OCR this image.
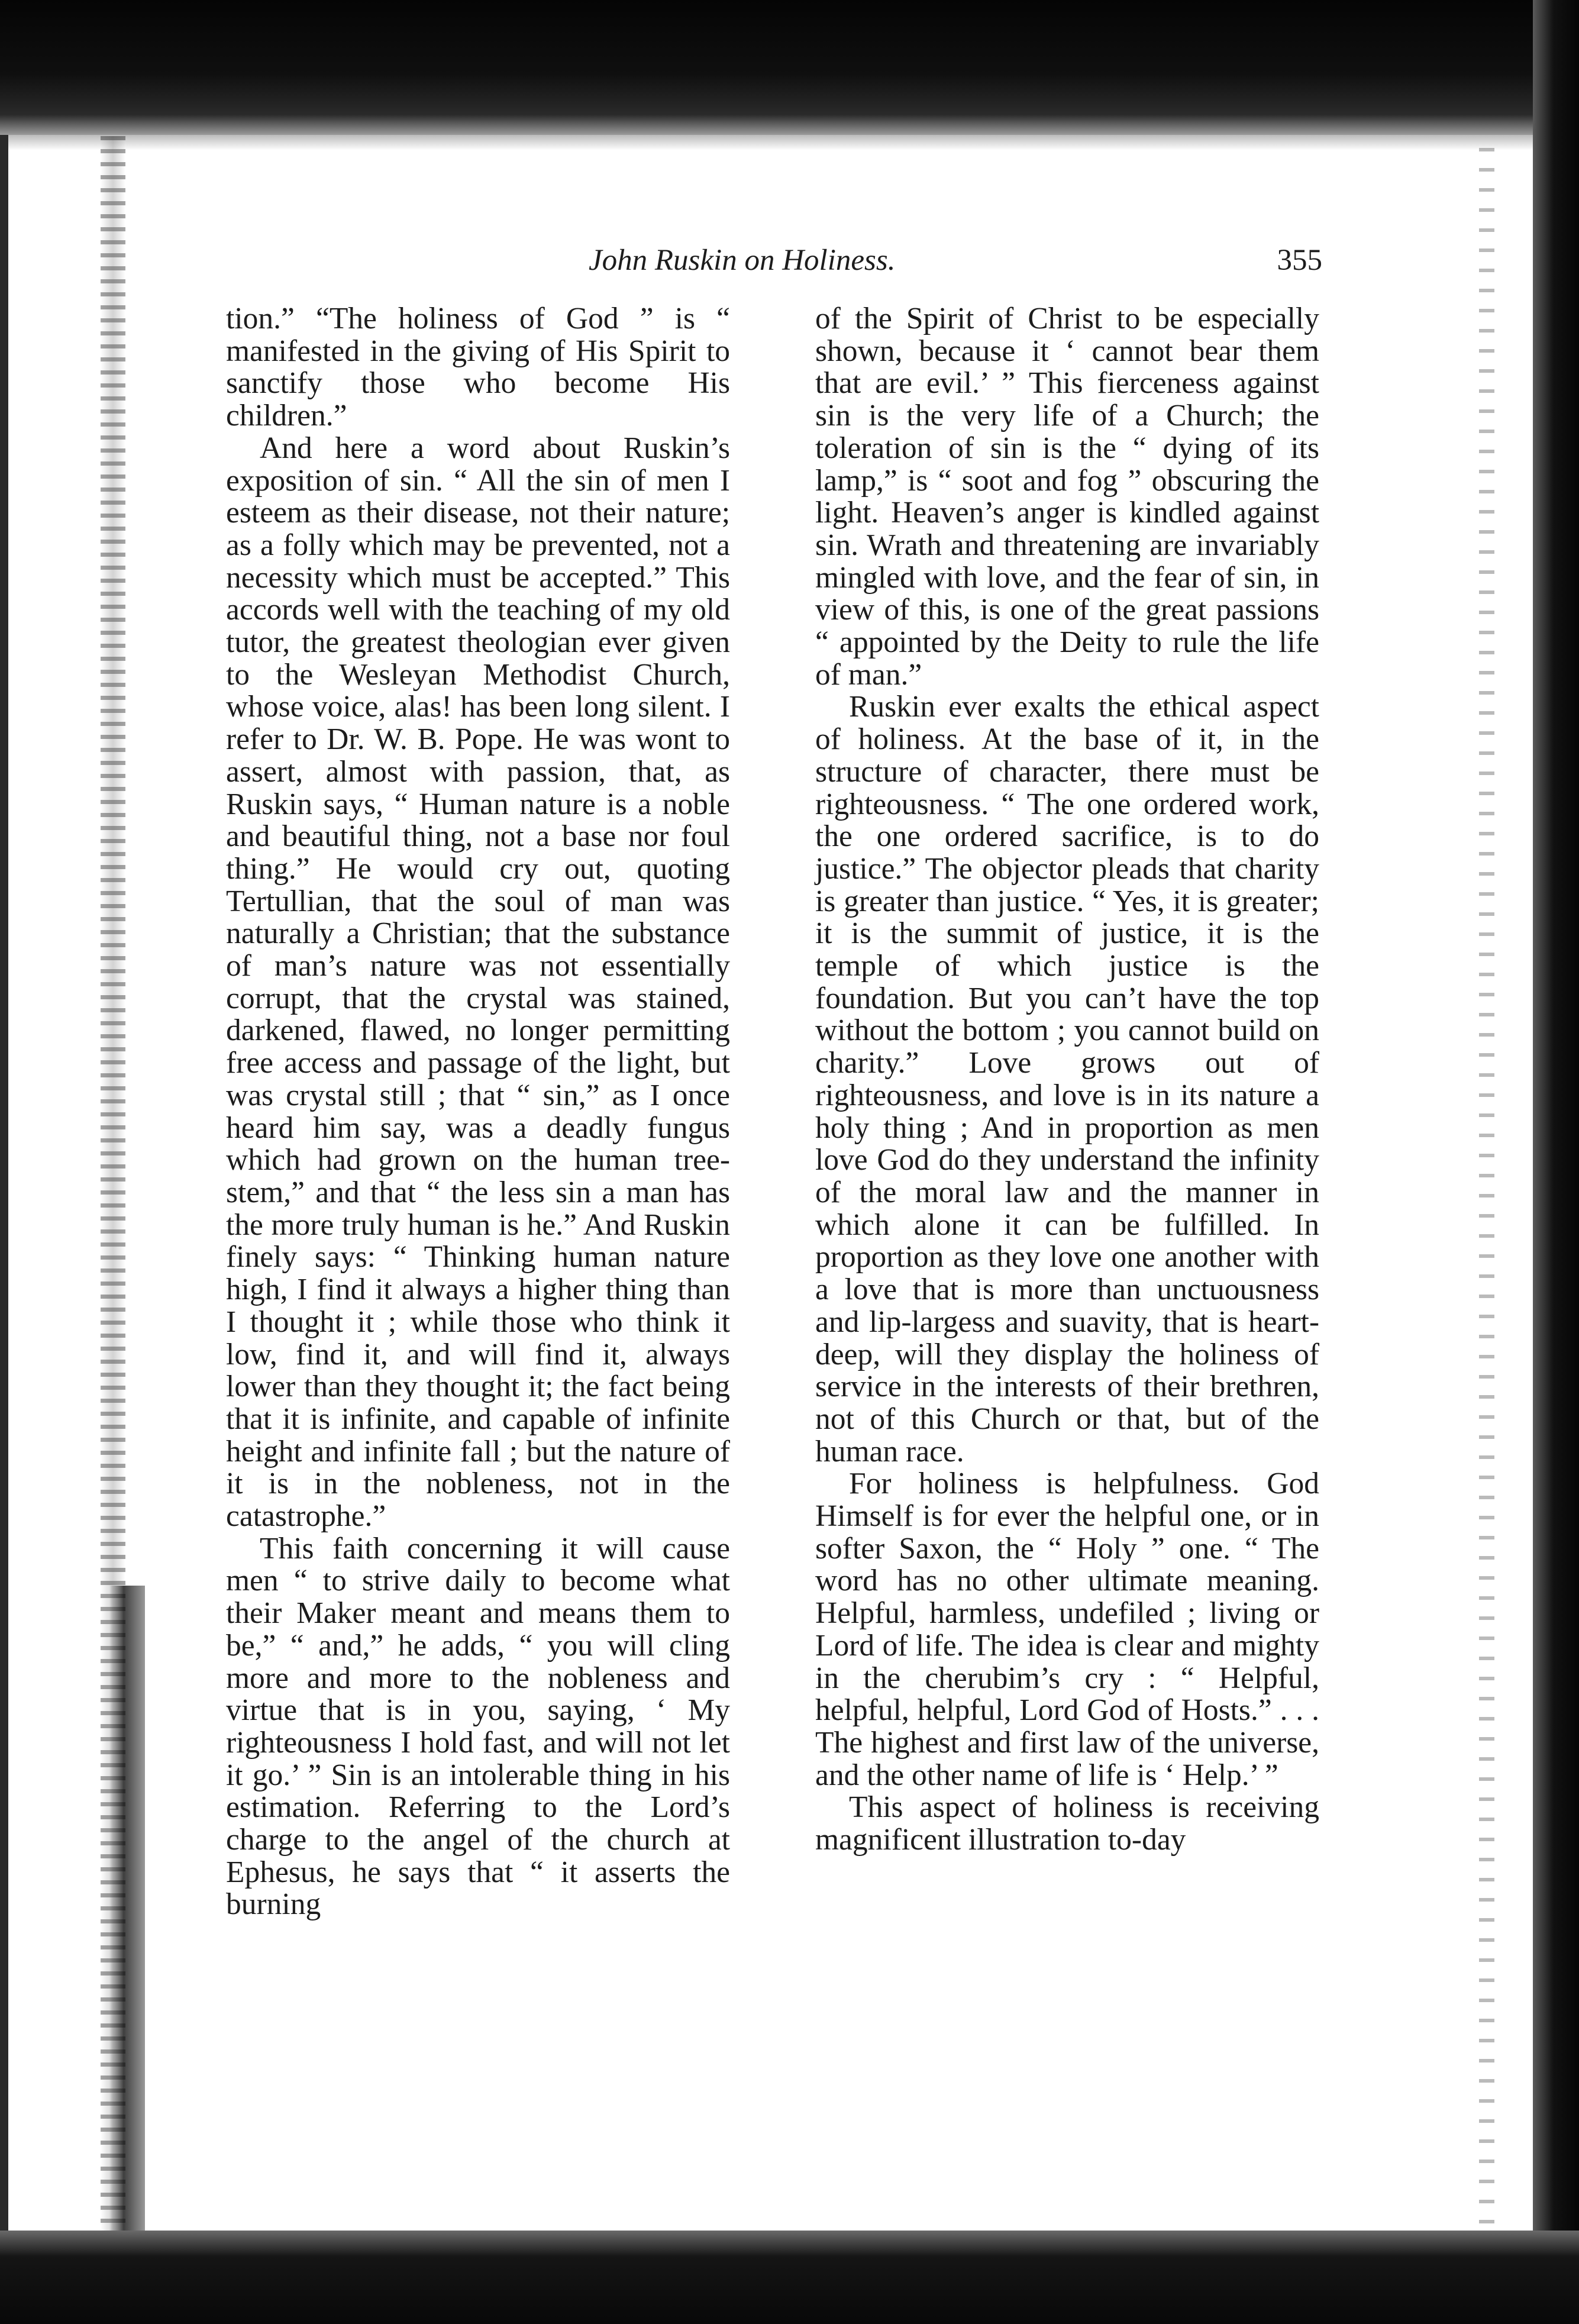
John Ruskin on Holiness.	355

tion.” “The holiness of God ” is “ manifested in the giving of His Spirit to sanctify those who become His children.”

And here a word about Ruskin’s exposition of sin. “ All the sin of men I esteem as their disease, not their nature; as a folly which may be prevented, not a necessity which must be accepted.” This accords well with the teaching of my old tutor, the greatest theologian ever given to the Wesleyan Methodist Church, whose voice, alas! has been long silent. I refer to Dr. W. B. Pope. He was wont to assert, almost with passion, that, as Ruskin says, “ Human nature is a noble and beautiful thing, not a base nor foul thing.” He would cry out, quoting Tertullian, that the soul of man was naturally a Christian; that the substance of man’s nature was not essentially corrupt, that the crystal was stained, darkened, flawed, no longer permitting free access and passage of the light, but was crystal still ; that “ sin,” as I once heard him say, was a deadly fungus which had grown on the human tree-stem,” and that “ the less sin a man has the more truly human is he.” And Ruskin finely says: “ Thinking human nature high, I find it always a higher thing than I thought it ; while those who think it low, find it, and will find it, always lower than they thought it; the fact being that it is infinite, and capable of infinite height and infinite fall ; but the nature of it is in the nobleness, not in the catastrophe.”

This faith concerning it will cause men “ to strive daily to become what their Maker meant and means them to be,” “ and,” he adds, “ you will cling more and more to the nobleness and virtue that is in you, saying, ‘ My righteousness I hold fast, and will not let it go.’ ” Sin is an intolerable thing in his estimation. Referring to the Lord’s charge to the angel of the church at Ephesus, he says that “ it asserts the burning

of the Spirit of Christ to be especially shown, because it ‘ cannot bear them that are evil.’ ” This fierceness against sin is the very life of a Church; the toleration of sin is the “ dying of its lamp,” is “ soot and fog ” obscuring the light. Heaven’s anger is kindled against sin. Wrath and threatening are invariably mingled with love, and the fear of sin, in view of this, is one of the great passions “ appointed by the Deity to rule the life of man.”

Ruskin ever exalts the ethical aspect of holiness. At the base of it, in the structure of character, there must be righteousness. “ The one ordered work, the one ordered sacrifice, is to do justice.” The objector pleads that charity is greater than justice. “ Yes, it is greater; it is the summit of justice, it is the temple of which justice is the foundation. But you can’t have the top without the bottom ; you cannot build on charity.” Love grows out of righteousness, and love is in its nature a holy thing ; And in proportion as men love God do they understand the infinity of the moral law and the manner in which alone it can be fulfilled. In proportion as they love one another with a love that is more than unctuousness and lip-largess and suavity, that is heart-deep, will they display the holiness of service in the interests of their brethren, not of this Church or that, but of the human race.

For holiness is helpfulness. God Himself is for ever the helpful one, or in softer Saxon, the “ Holy ” one. “ The word has no other ultimate meaning. Helpful, harmless, undefiled ; living or Lord of life. The idea is clear and mighty in the cherubim’s cry : “ Helpful, helpful, helpful, Lord God of Hosts.” . . . The highest and first law of the universe, and the other name of life is ‘ Help.’ ”

This aspect of holiness is receiving magnificent illustration to-day
